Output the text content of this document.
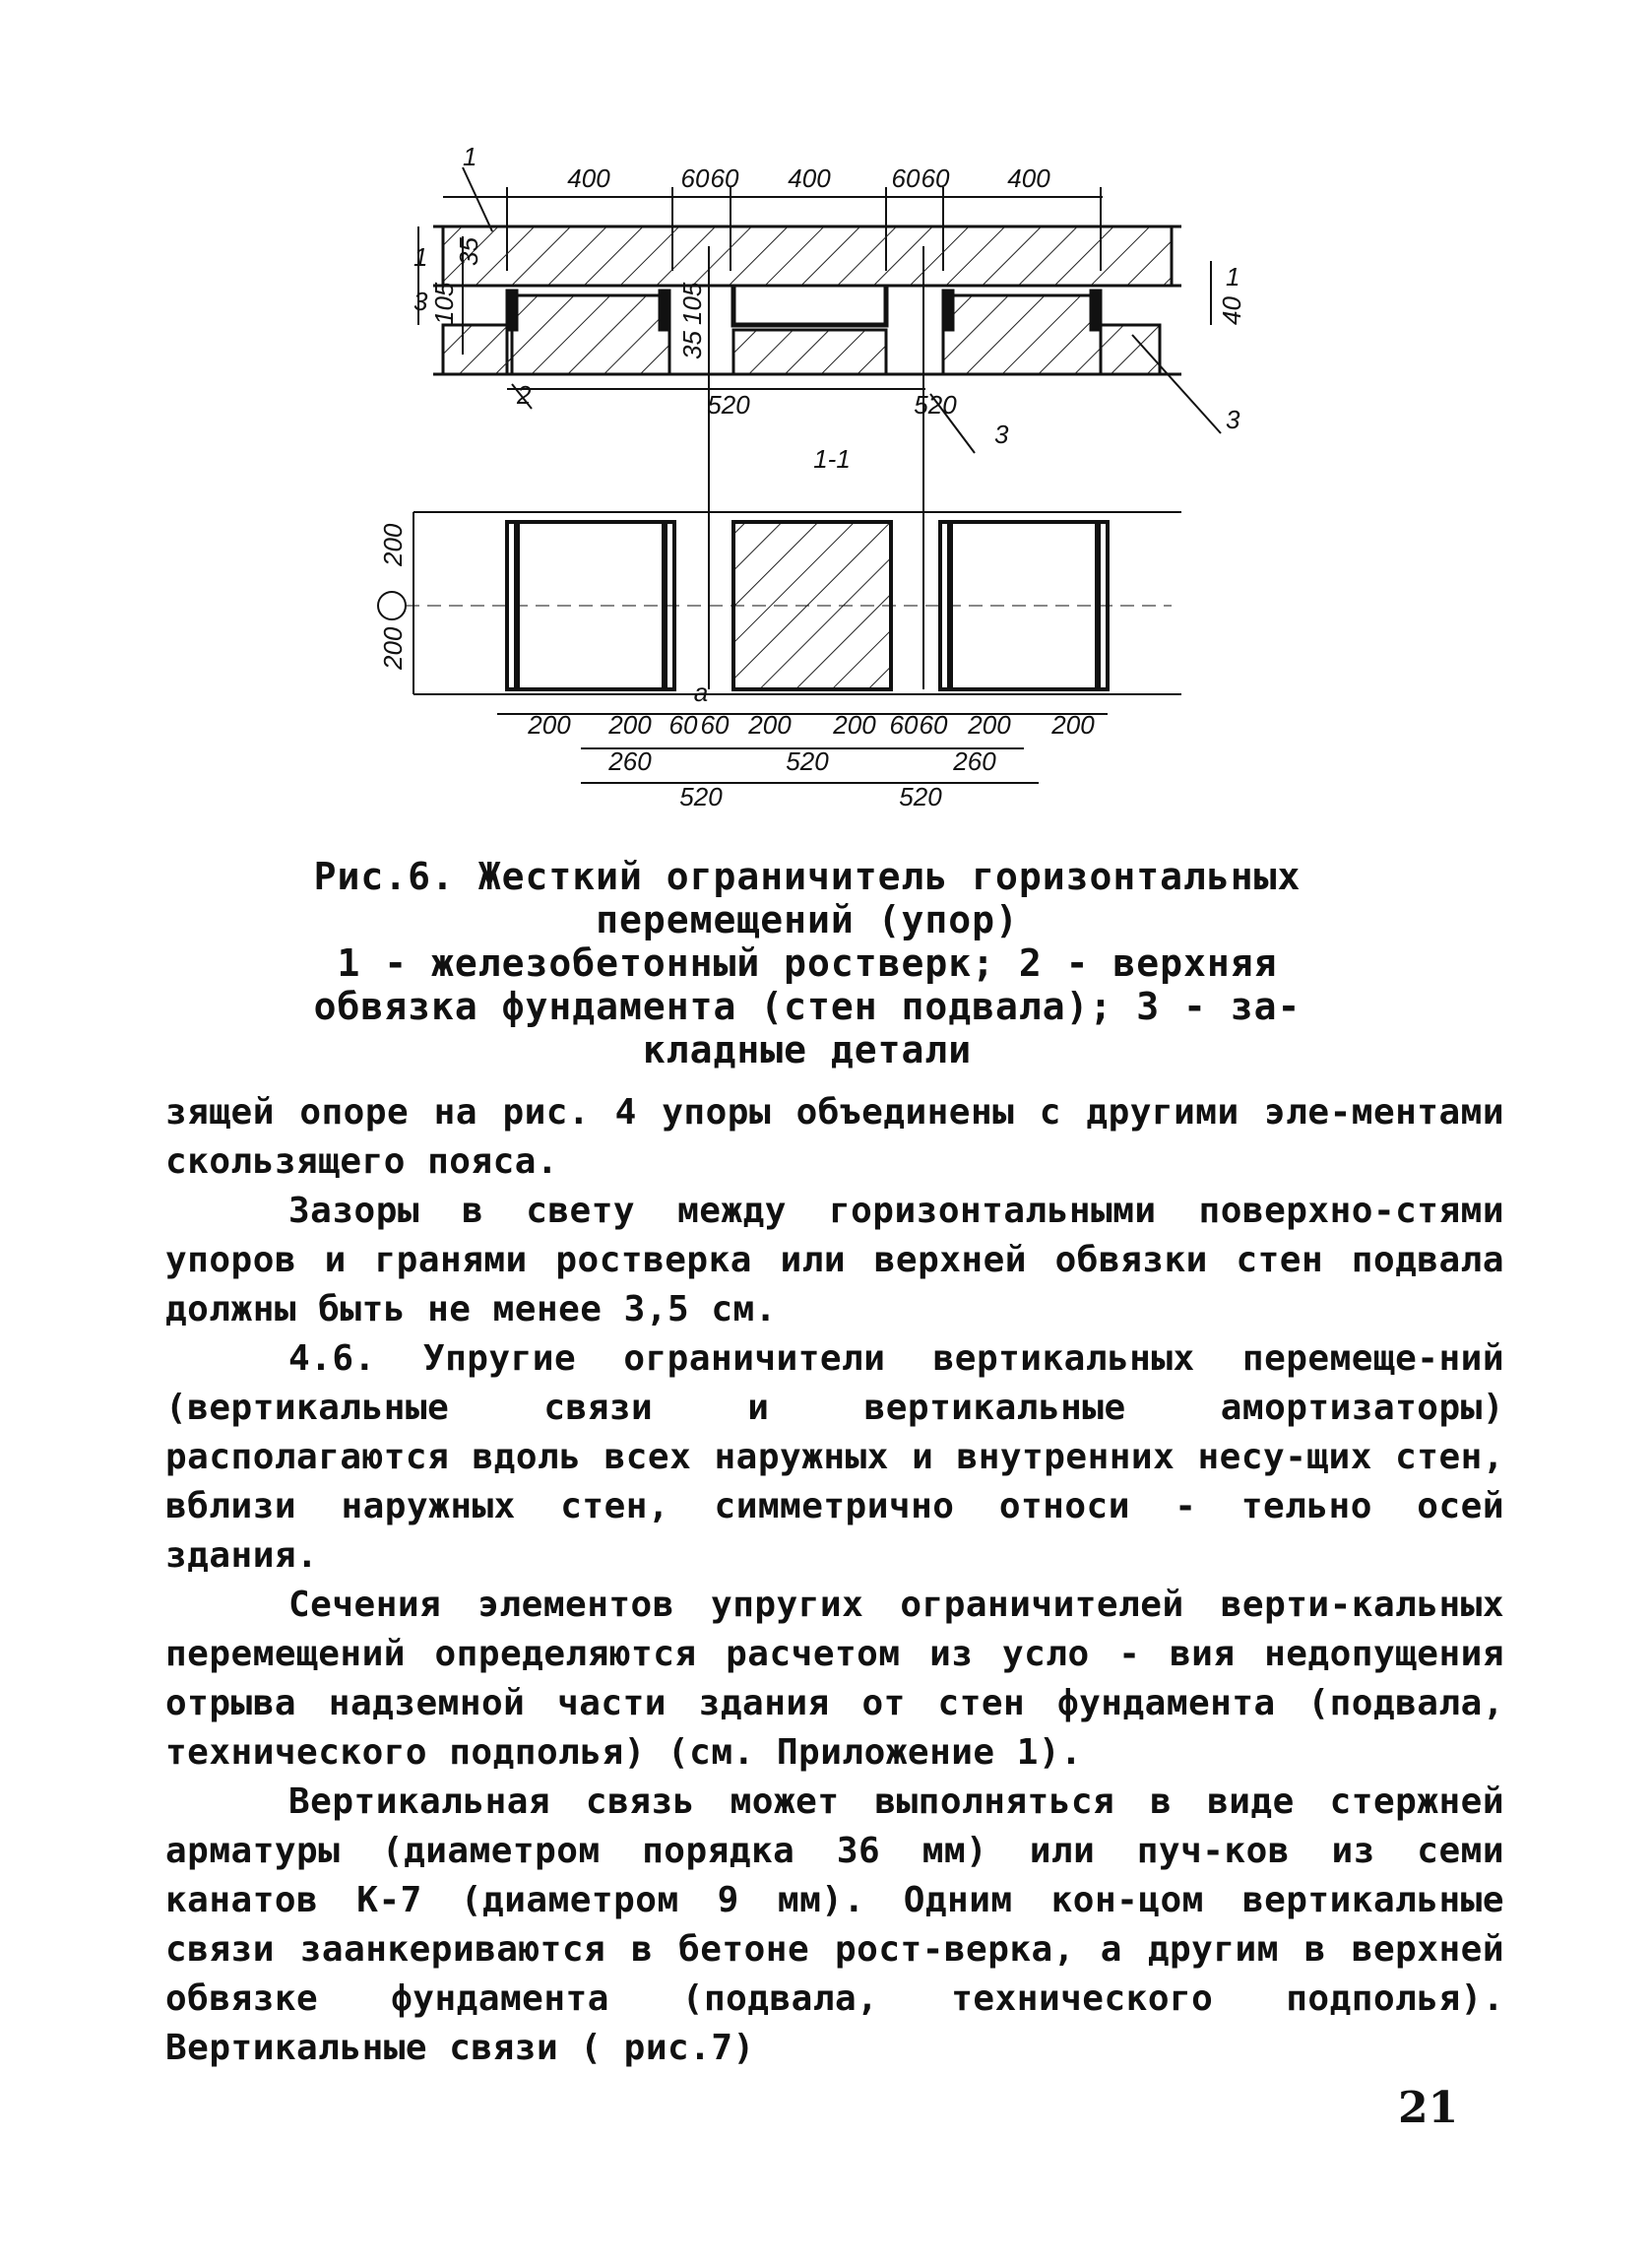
400	60 60 400 60 60 400
105
35
105
35
40
520	520
1-1
1
1
3
2
3	3
1
200
200
200 200 60 60 200 200 60 60 200 200
260	520	260
520	520
a
Рис.6. Жесткий ограничитель горизонтальных
перемещений (упор)
1 - железобетонный ростверк; 2 - верхняя
обвязка фундамента (стен подвала); 3 - за-
кладные детали

зящей опоре на рис. 4 упоры объединены с другими эле-ментами скользящего пояса.

Зазоры в свету между горизонтальными поверхно-стями упоров и гранями ростверка или верхней обвязки стен подвала должны быть не менее 3,5 см.

4.6. Упругие ограничители вертикальных перемеще-ний (вертикальные связи и вертикальные амортизаторы) располагаются вдоль всех наружных и внутренних несу-щих стен, вблизи наружных стен, симметрично относи - тельно осей здания.

Сечения элементов упругих ограничителей верти-кальных перемещений определяются расчетом из усло - вия недопущения отрыва надземной части здания от стен фундамента (подвала, технического подполья) (см. Приложение 1).

Вертикальная связь может выполняться в виде стержней арматуры (диаметром порядка 36 мм) или пуч-ков из семи канатов К-7 (диаметром 9 мм). Одним кон-цом вертикальные связи заанкериваются в бетоне рост-верка, а другим в верхней обвязке фундамента (подвала, технического подполья). Вертикальные связи ( рис.7)

21
